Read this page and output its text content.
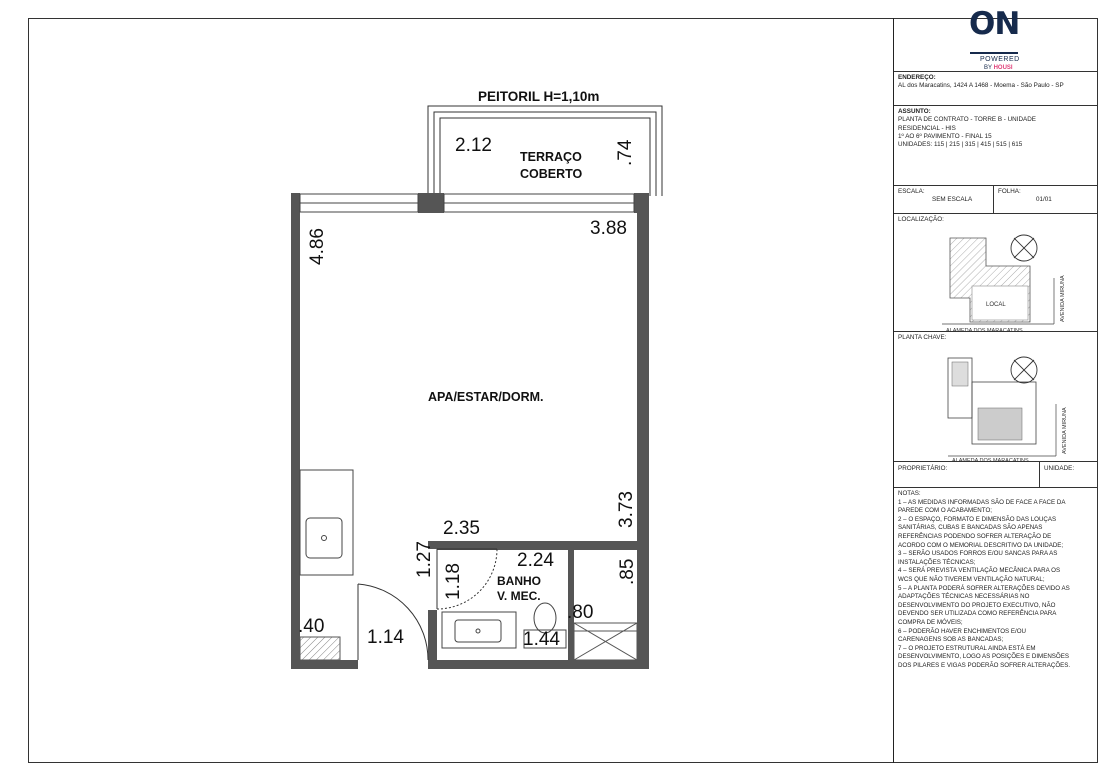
PEITORIL H=1,10m
TERRAÇO
COBERTO
APA/ESTAR/DORM.
BANHO
V. MEC.
2.12	.74
4.86	3.88
3.73
2.35
1.27
1.18
2.24	.85
.80
1.44
1.14
.40
ON
POWERED
BY HOUSI
ENDEREÇO:
AL dos Maracatins, 1424 A 1468 - Moema - São Paulo - SP
ASSUNTO:
PLANTA DE CONTRATO - TORRE B - UNIDADE
RESIDENCIAL - HIS
1º AO 6º PAVIMENTO - FINAL 15
UNIDADES: 115 | 215 | 315 | 415 | 515 | 615
ESCALA:
SEM ESCALA
FOLHA:
01/01
LOCALIZAÇÃO:
LOCAL
ALAMEDA DOS MARACATINS
AVENIDA MIRUNA
PLANTA CHAVE:
ALAMEDA DOS MARACATINS
AVENIDA MIRUNA
PROPRIETÁRIO:	UNIDADE:
NOTAS:
1 – AS MEDIDAS INFORMADAS SÃO DE FACE A FACE DA
PAREDE COM O ACABAMENTO;
2 – O ESPAÇO, FORMATO E DIMENSÃO DAS LOUÇAS
SANITÁRIAS, CUBAS E BANCADAS SÃO APENAS
REFERÊNCIAS PODENDO SOFRER ALTERAÇÃO DE
ACORDO COM O MEMORIAL DESCRITIVO DA UNIDADE;
3 – SERÃO USADOS FORROS E/OU SANCAS PARA AS
INSTALAÇÕES TÉCNICAS;
4 – SERÁ PREVISTA VENTILAÇÃO MECÂNICA PARA OS
WCS QUE NÃO TIVEREM VENTILAÇÃO NATURAL;
5 – A PLANTA PODERÁ SOFRER ALTERAÇÕES DEVIDO AS
ADAPTAÇÕES TÉCNICAS NECESSÁRIAS NO
DESENVOLVIMENTO DO PROJETO EXECUTIVO, NÃO
DEVENDO SER UTILIZADA COMO REFERÊNCIA PARA
COMPRA DE MÓVEIS;
6 – PODERÃO HAVER ENCHIMENTOS E/OU
CARENAGENS SOB AS BANCADAS;
7 – O PROJETO ESTRUTURAL AINDA ESTÁ EM
DESENVOLVIMENTO, LOGO AS POSIÇÕES E DIMENSÕES
DOS PILARES E VIGAS PODERÃO SOFRER ALTERAÇÕES.
